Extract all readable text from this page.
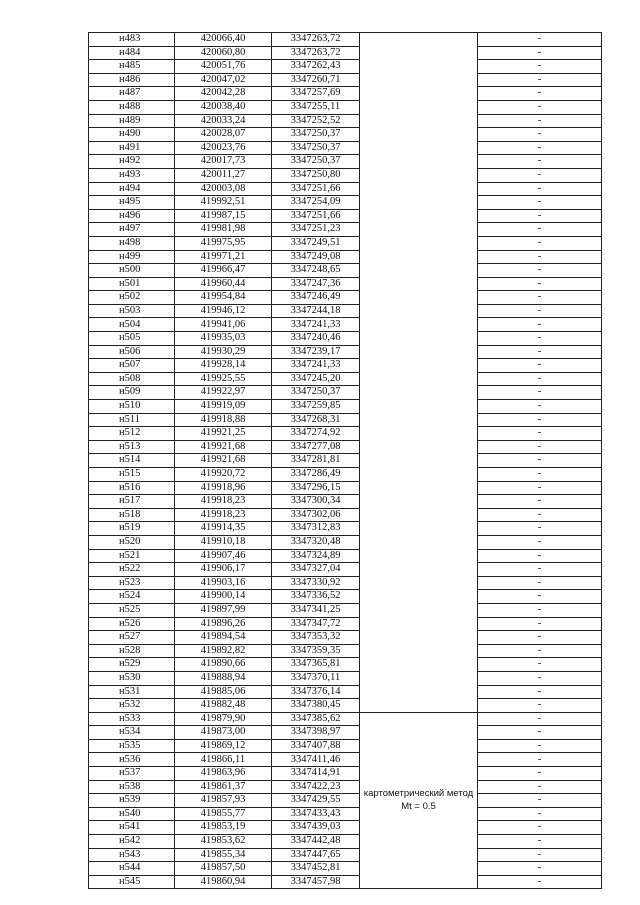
н483	420066,40	3347263,72		-
н484	420060,80	3347263,72		-
н485	420051,76	3347262,43		-
н486	420047,02	3347260,71		-
н487	420042,28	3347257,69		-
н488	420038,40	3347255,11		-
н489	420033,24	3347252,52		-
н490	420028,07	3347250,37		-
н491	420023,76	3347250,37		-
н492	420017,73	3347250,37		-
н493	420011,27	3347250,80		-
н494	420003,08	3347251,66		-
н495	419992,51	3347254,09		-
н496	419987,15	3347251,66		-
н497	419981,98	3347251,23		-
н498	419975,95	3347249,51		-
н499	419971,21	3347249,08		-
н500	419966,47	3347248,65		-
н501	419960,44	3347247,36		-
н502	419954,84	3347246,49		-
н503	419946,12	3347244,18		-
н504	419941,06	3347241,33		-
н505	419935,03	3347240,46		-
н506	419930,29	3347239,17		-
н507	419928,14	3347241,33		-
н508	419925,55	3347245,20		-
н509	419922,97	3347250,37		-
н510	419919,09	3347259,85		-
н511	419918,88	3347268,31		-
н512	419921,25	3347274,92		-
н513	419921,68	3347277,08		-
н514	419921,68	3347281,81		-
н515	419920,72	3347286,49		-
н516	419918,96	3347296,15		-
н517	419918,23	3347300,34		-
н518	419918,23	3347302,06		-
н519	419914,35	3347312,83		-
н520	419910,18	3347320,48		-
н521	419907,46	3347324,89		-
н522	419906,17	3347327,04		-
н523	419903,16	3347330,92		-
н524	419900,14	3347336,52		-
н525	419897,99	3347341,25		-
н526	419896,26	3347347,72		-
н527	419894,54	3347353,32		-
н528	419892,82	3347359,35		-
н529	419890,66	3347365,81		-
н530	419888,94	3347370,11		-
н531	419885,06	3347376,14		-
н532	419882,48	3347380,45		-
н533	419879,90	3347385,62	картометрический метод Mt = 0.5	-
н534	419873,00	3347398,97		-
н535	419869,12	3347407,88		-
н536	419866,11	3347411,46		-
н537	419863,96	3347414,91		-
н538	419861,37	3347422,23		-
н539	419857,93	3347429,55		-
н540	419855,77	3347433,43		-
н541	419853,19	3347439,03		-
н542	419853,62	3347442,48		-
н543	419855,34	3347447,65		-
н544	419857,50	3347452,81		-
н545	419860,94	3347457,98		-
